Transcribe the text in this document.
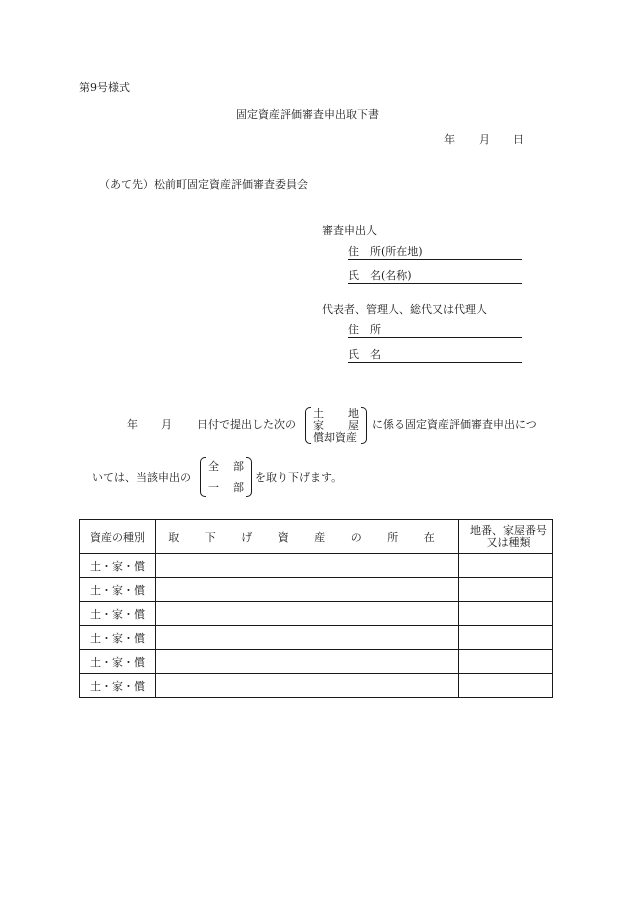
第9号様式
固定資産評価審査申出取下書
年 月 日
（あて先）松前町固定資産評価審査委員会
審査申出人
住　所(所在地)
氏　名(名称)
代表者、管理人、総代又は代理人
住　所
氏　名
年 月 日付で提出した次の
土 地
家 屋
償却資産
に係る固定資産評価審査申出につ
いては、当該申出の
全 部
一 部
を取り下げます。
資産の種別	取 下 げ 資 産 の 所 在	地番、家屋番号又は種類
土・家・償		
土・家・償		
土・家・償		
土・家・償		
土・家・償		
土・家・償		
